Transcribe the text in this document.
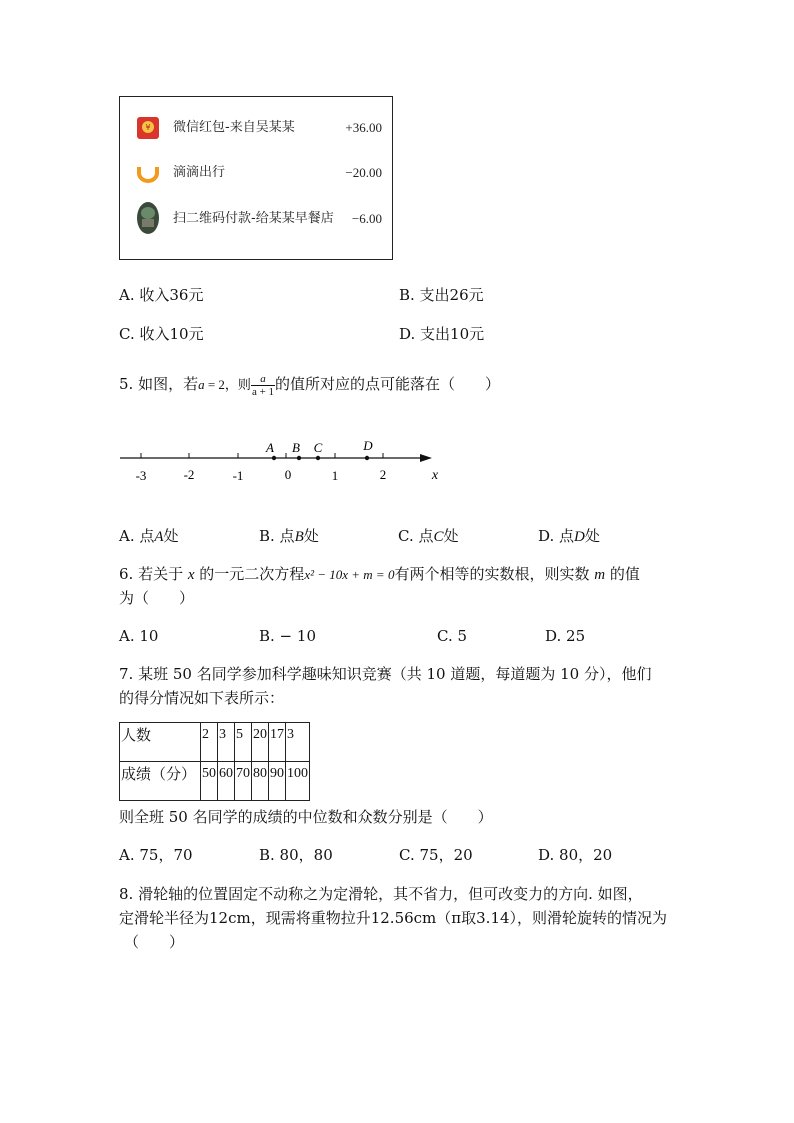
¥ 微信红包-来自吴某某	+36.00
滴滴出行	−20.00
扫二维码付款-给某某早餐店 −6.00
A. 收入36元	B. 支出26元
C. 收入10元	D. 支出10元
5. 如图，若a = 2，则 $\frac{a}{a + 1}$ 的值所对应的点可能落在（　　）
-3	-2	-1	0	1	2	x
A B C	D
A. 点A处	B. 点B处	C. 点C处	D. 点D处
6. 若关于 x 的一元二次方程x² − 10x + m = 0有两个相等的实数根，则实数 m 的值
为（　　）
A. 10	B. − 10	C. 5	D. 25
7. 某班 50 名同学参加科学趣味知识竞赛（共 10 道题，每道题为 10 分），他们
的得分情况如下表所示：
人数	2	3	5	20	17	3
成绩（分）	50	60	70	80	90	100
则全班 50 名同学的成绩的中位数和众数分别是（　　）
A. 75，70	B. 80，80	C. 75，20	D. 80，20
8. 滑轮轴的位置固定不动称之为定滑轮，其不省力，但可改变力的方向. 如图，
定滑轮半径为12cm，现需将重物拉升12.56cm（π取3.14），则滑轮旋转的情况为
（　　）
